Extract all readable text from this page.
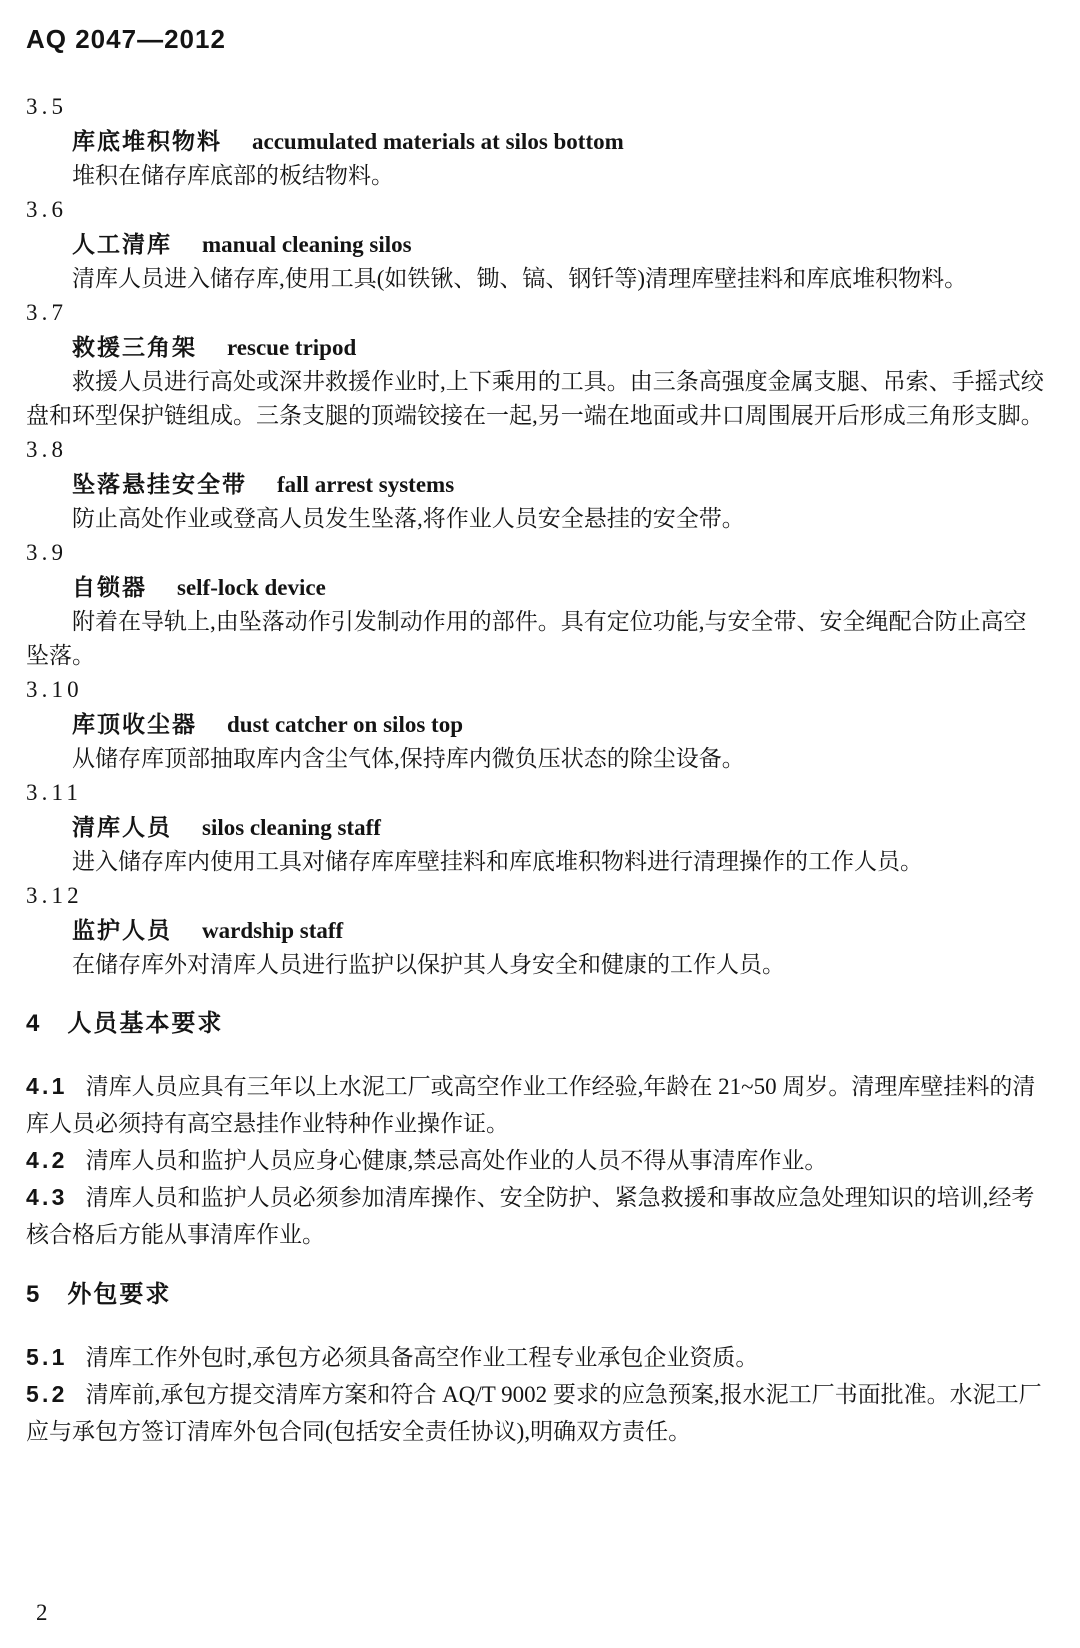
AQ 2047—2012
3.5
库底堆积物料 accumulated materials at silos bottom

堆积在储存库底部的板结物料。

3.6
人工清库 manual cleaning silos

清库人员进入储存库,使用工具(如铁锹、锄、镐、钢钎等)清理库壁挂料和库底堆积物料。

3.7
救援三角架 rescue tripod

救援人员进行高处或深井救援作业时,上下乘用的工具。由三条高强度金属支腿、吊索、手摇式绞盘和环型保护链组成。三条支腿的顶端铰接在一起,另一端在地面或井口周围展开后形成三角形支脚。

3.8
坠落悬挂安全带 fall arrest systems

防止高处作业或登高人员发生坠落,将作业人员安全悬挂的安全带。

3.9
自锁器 self-lock device

附着在导轨上,由坠落动作引发制动作用的部件。具有定位功能,与安全带、安全绳配合防止高空坠落。

3.10
库顶收尘器 dust catcher on silos top

从储存库顶部抽取库内含尘气体,保持库内微负压状态的除尘设备。

3.11
清库人员 silos cleaning staff

进入储存库内使用工具对储存库库壁挂料和库底堆积物料进行清理操作的工作人员。

3.12
监护人员 wardship staff

在储存库外对清库人员进行监护以保护其人身安全和健康的工作人员。

4 人员基本要求

4.1 清库人员应具有三年以上水泥工厂或高空作业工作经验,年龄在 21~50 周岁。清理库壁挂料的清库人员必须持有高空悬挂作业特种作业操作证。

4.2 清库人员和监护人员应身心健康,禁忌高处作业的人员不得从事清库作业。

4.3 清库人员和监护人员必须参加清库操作、安全防护、紧急救援和事故应急处理知识的培训,经考核合格后方能从事清库作业。

5 外包要求

5.1 清库工作外包时,承包方必须具备高空作业工程专业承包企业资质。

5.2 清库前,承包方提交清库方案和符合 AQ/T 9002 要求的应急预案,报水泥工厂书面批准。水泥工厂应与承包方签订清库外包合同(包括安全责任协议),明确双方责任。

2
